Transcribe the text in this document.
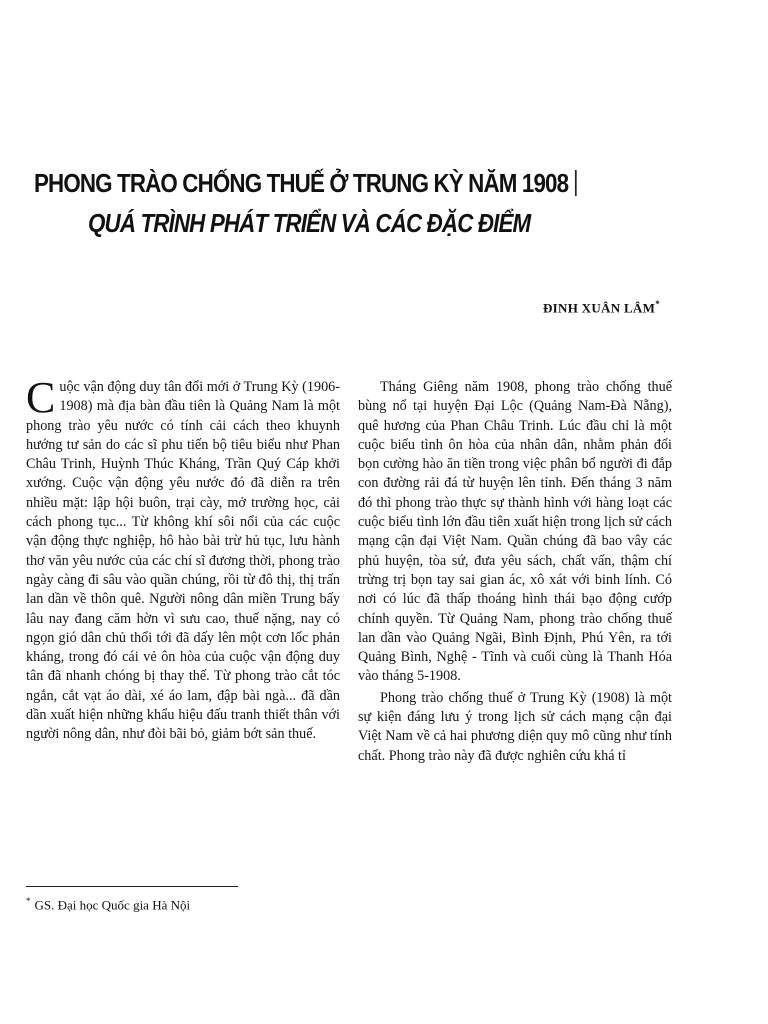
PHONG TRÀO CHỐNG THUẾ Ở TRUNG KỲ NĂM 1908
QUÁ TRÌNH PHÁT TRIỂN VÀ CÁC ĐẶC ĐIỂM
ĐINH XUÂN LÂM*

Cuộc vận động duy tân đổi mới ở Trung Kỳ (1906-1908) mà địa bàn đầu tiên là Quảng Nam là một phong trào yêu nước có tính cải cách theo khuynh hướng tư sản do các sĩ phu tiến bộ tiêu biểu như Phan Châu Trinh, Huỳnh Thúc Kháng, Trần Quý Cáp khởi xướng. Cuộc vận động yêu nước đó đã diễn ra trên nhiều mặt: lập hội buôn, trại cày, mở trường học, cải cách phong tục... Từ không khí sôi nổi của các cuộc vận động thực nghiệp, hô hào bài trừ hủ tục, lưu hành thơ văn yêu nước của các chí sĩ đương thời, phong trào ngày càng đi sâu vào quần chúng, rồi từ đô thị, thị trấn lan dần về thôn quê. Người nông dân miền Trung bấy lâu nay đang căm hờn vì sưu cao, thuế nặng, nay có ngọn gió dân chủ thổi tới đã dấy lên một cơn lốc phản kháng, trong đó cái vẻ ôn hòa của cuộc vận động duy tân đã nhanh chóng bị thay thế. Từ phong trào cắt tóc ngắn, cắt vạt áo dài, xé áo lam, đập bài ngà... đã dần dần xuất hiện những khẩu hiệu đấu tranh thiết thân với người nông dân, như đòi bãi bỏ, giảm bớt sản thuế.

Tháng Giêng năm 1908, phong trào chống thuế bùng nổ tại huyện Đại Lộc (Quảng Nam-Đà Nẵng), quê hương của Phan Châu Trinh. Lúc đầu chỉ là một cuộc biểu tình ôn hòa của nhân dân, nhằm phản đối bọn cường hào ăn tiền trong việc phân bổ người đi đắp con đường rải đá từ huyện lên tỉnh. Đến tháng 3 năm đó thì phong trào thực sự thành hình với hàng loạt các cuộc biểu tình lớn đầu tiên xuất hiện trong lịch sử cách mạng cận đại Việt Nam. Quần chúng đã bao vây các phủ huyện, tòa sứ, đưa yêu sách, chất vấn, thậm chí trừng trị bọn tay sai gian ác, xô xát với binh lính. Có nơi có lúc đã thấp thoáng hình thái bạo động cướp chính quyền. Từ Quảng Nam, phong trào chống thuế lan dần vào Quảng Ngãi, Bình Định, Phú Yên, ra tới Quảng Bình, Nghệ - Tĩnh và cuối cùng là Thanh Hóa vào tháng 5-1908.

Phong trào chống thuế ở Trung Kỳ (1908) là một sự kiện đáng lưu ý trong lịch sử cách mạng cận đại Việt Nam về cả hai phương diện quy mô cũng như tính chất. Phong trào này đã được nghiên cứu khá tỉ

* GS. Đại học Quốc gia Hà Nội
